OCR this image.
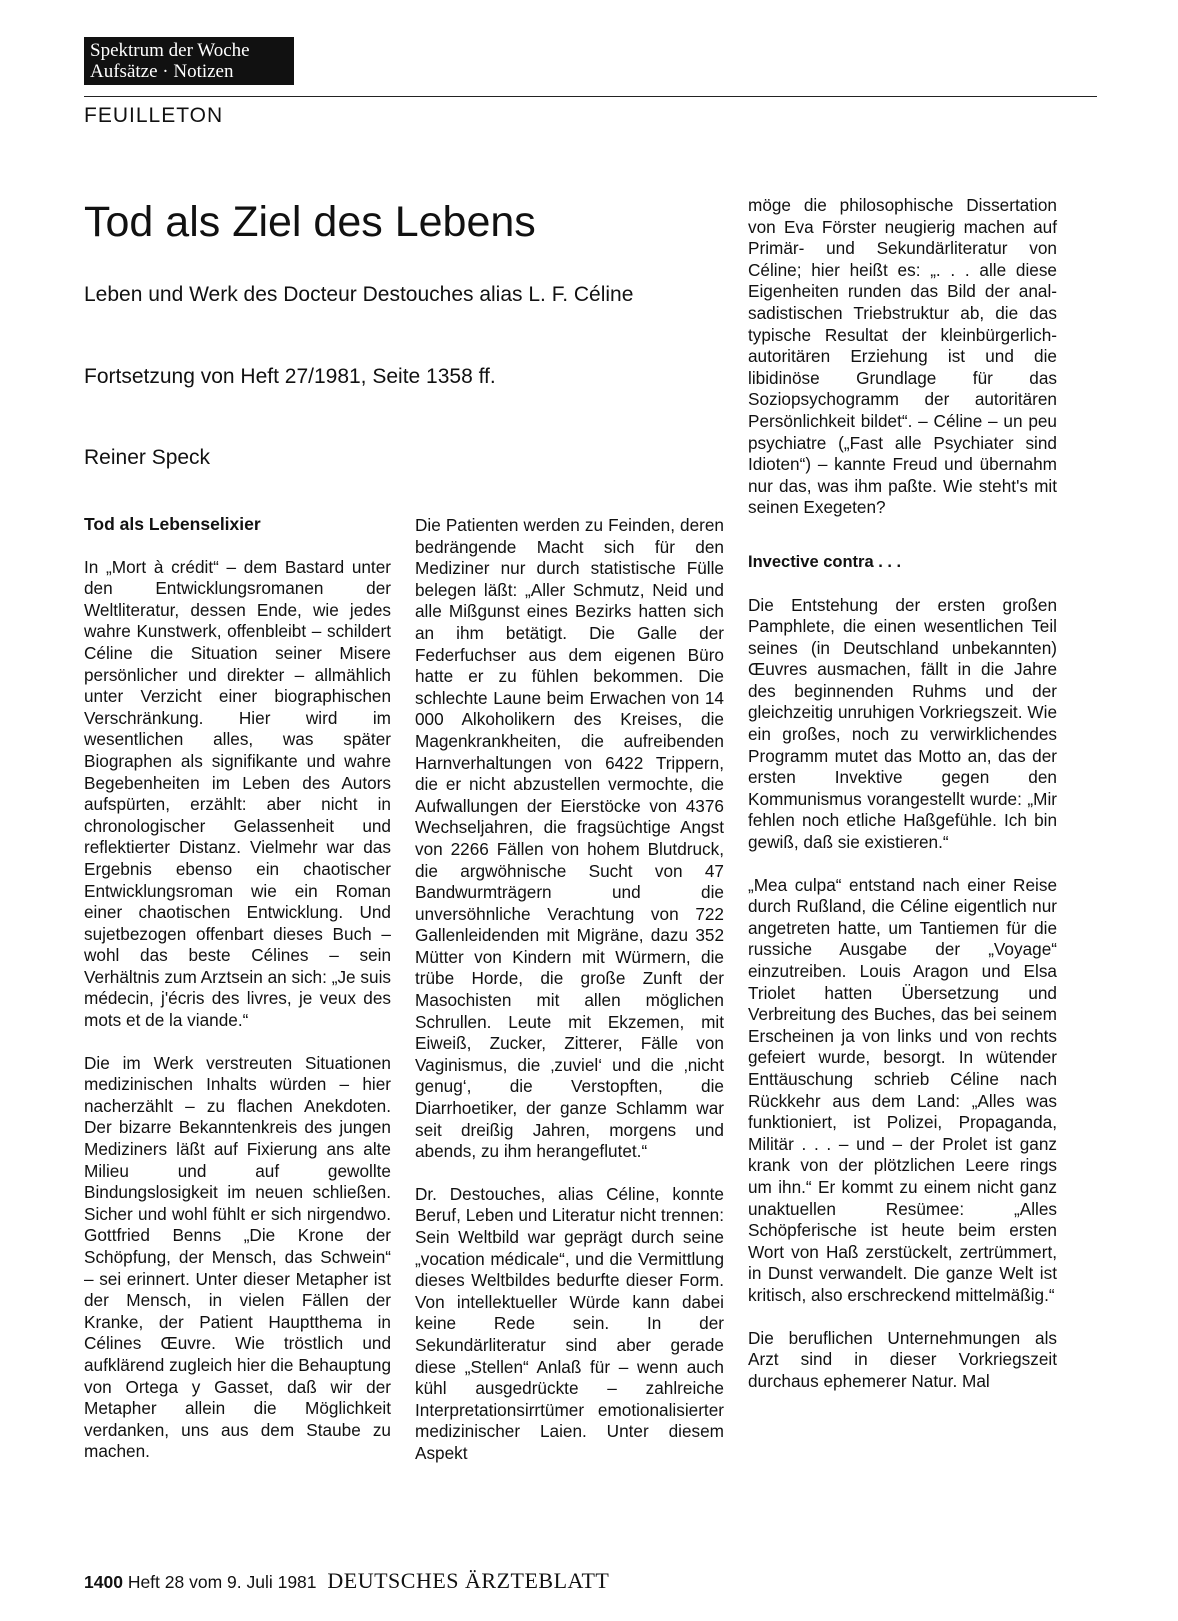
Spektrum der Woche
Aufsätze · Notizen
FEUILLETON
Tod als Ziel des Lebens
Leben und Werk des Docteur Destouches alias L. F. Céline
Fortsetzung von Heft 27/1981, Seite 1358 ff.
Reiner Speck
Tod als Lebenselixier

In „Mort à crédit“ – dem Bastard unter den Entwicklungsromanen der Weltliteratur, dessen Ende, wie jedes wahre Kunstwerk, offenbleibt – schildert Céline die Situation seiner Misere persönlicher und direkter – allmählich unter Verzicht einer biographischen Verschränkung. Hier wird im wesentlichen alles, was später Biographen als signifikante und wahre Begebenheiten im Leben des Autors aufspürten, erzählt: aber nicht in chronologischer Gelassenheit und reflektierter Distanz. Vielmehr war das Ergebnis ebenso ein chaotischer Entwicklungsroman wie ein Roman einer chaotischen Entwicklung. Und sujetbezogen offenbart dieses Buch – wohl das beste Célines – sein Verhältnis zum Arztsein an sich: „Je suis médecin, j'écris des livres, je veux des mots et de la viande.“

Die im Werk verstreuten Situationen medizinischen Inhalts würden – hier nacherzählt – zu flachen Anekdoten. Der bizarre Bekanntenkreis des jungen Mediziners läßt auf Fixierung ans alte Milieu und auf gewollte Bindungslosigkeit im neuen schließen. Sicher und wohl fühlt er sich nirgendwo. Gottfried Benns „Die Krone der Schöpfung, der Mensch, das Schwein“ – sei erinnert. Unter dieser Metapher ist der Mensch, in vielen Fällen der Kranke, der Patient Hauptthema in Célines Œuvre. Wie tröstlich und aufklärend zugleich hier die Behauptung von Ortega y Gasset, daß wir der Metapher allein die Möglichkeit verdanken, uns aus dem Staube zu machen.

Die Patienten werden zu Feinden, deren bedrängende Macht sich für den Mediziner nur durch statistische Fülle belegen läßt: „Aller Schmutz, Neid und alle Mißgunst eines Bezirks hatten sich an ihm betätigt. Die Galle der Federfuchser aus dem eigenen Büro hatte er zu fühlen bekommen. Die schlechte Laune beim Erwachen von 14 000 Alkoholikern des Kreises, die Magenkrankheiten, die aufreibenden Harnverhaltungen von 6422 Trippern, die er nicht abzustellen vermochte, die Aufwallungen der Eierstöcke von 4376 Wechseljahren, die fragsüchtige Angst von 2266 Fällen von hohem Blutdruck, die argwöhnische Sucht von 47 Bandwurmträgern und die unversöhnliche Verachtung von 722 Gallenleidenden mit Migräne, dazu 352 Mütter von Kindern mit Würmern, die trübe Horde, die große Zunft der Masochisten mit allen möglichen Schrullen. Leute mit Ekzemen, mit Eiweiß, Zucker, Zitterer, Fälle von Vaginismus, die ‚zuviel‘ und die ‚nicht genug‘, die Verstopften, die Diarrhoetiker, der ganze Schlamm war seit dreißig Jahren, morgens und abends, zu ihm herangeflutet.“

Dr. Destouches, alias Céline, konnte Beruf, Leben und Literatur nicht trennen: Sein Weltbild war geprägt durch seine „vocation médicale“, und die Vermittlung dieses Weltbildes bedurfte dieser Form. Von intellektueller Würde kann dabei keine Rede sein. In der Sekundärliteratur sind aber gerade diese „Stellen“ Anlaß für – wenn auch kühl ausgedrückte – zahlreiche Interpretationsirrtümer emotionalisierter medizinischer Laien. Unter diesem Aspekt

möge die philosophische Dissertation von Eva Förster neugierig machen auf Primär- und Sekundärliteratur von Céline; hier heißt es: „. . . alle diese Eigenheiten runden das Bild der anal-sadistischen Triebstruktur ab, die das typische Resultat der kleinbürgerlich-autoritären Erziehung ist und die libidinöse Grundlage für das Soziopsychogramm der autoritären Persönlichkeit bildet“. – Céline – un peu psychiatre („Fast alle Psychiater sind Idioten“) – kannte Freud und übernahm nur das, was ihm paßte. Wie steht's mit seinen Exegeten?

Invective contra . . .

Die Entstehung der ersten großen Pamphlete, die einen wesentlichen Teil seines (in Deutschland unbekannten) Œuvres ausmachen, fällt in die Jahre des beginnenden Ruhms und der gleichzeitig unruhigen Vorkriegszeit. Wie ein großes, noch zu verwirklichendes Programm mutet das Motto an, das der ersten Invektive gegen den Kommunismus vorangestellt wurde: „Mir fehlen noch etliche Haßgefühle. Ich bin gewiß, daß sie existieren.“

„Mea culpa“ entstand nach einer Reise durch Rußland, die Céline eigentlich nur angetreten hatte, um Tantiemen für die russiche Ausgabe der „Voyage“ einzutreiben. Louis Aragon und Elsa Triolet hatten Übersetzung und Verbreitung des Buches, das bei seinem Erscheinen ja von links und von rechts gefeiert wurde, besorgt. In wütender Enttäuschung schrieb Céline nach Rückkehr aus dem Land: „Alles was funktioniert, ist Polizei, Propaganda, Militär . . . – und – der Prolet ist ganz krank von der plötzlichen Leere rings um ihn.“ Er kommt zu einem nicht ganz unaktuellen Resümee: „Alles Schöpferische ist heute beim ersten Wort von Haß zerstückelt, zertrümmert, in Dunst verwandelt. Die ganze Welt ist kritisch, also erschreckend mittelmäßig.“

Die beruflichen Unternehmungen als Arzt sind in dieser Vorkriegszeit durchaus ephemerer Natur. Mal

1400 Heft 28 vom 9. Juli 1981 DEUTSCHES ÄRZTEBLATT
